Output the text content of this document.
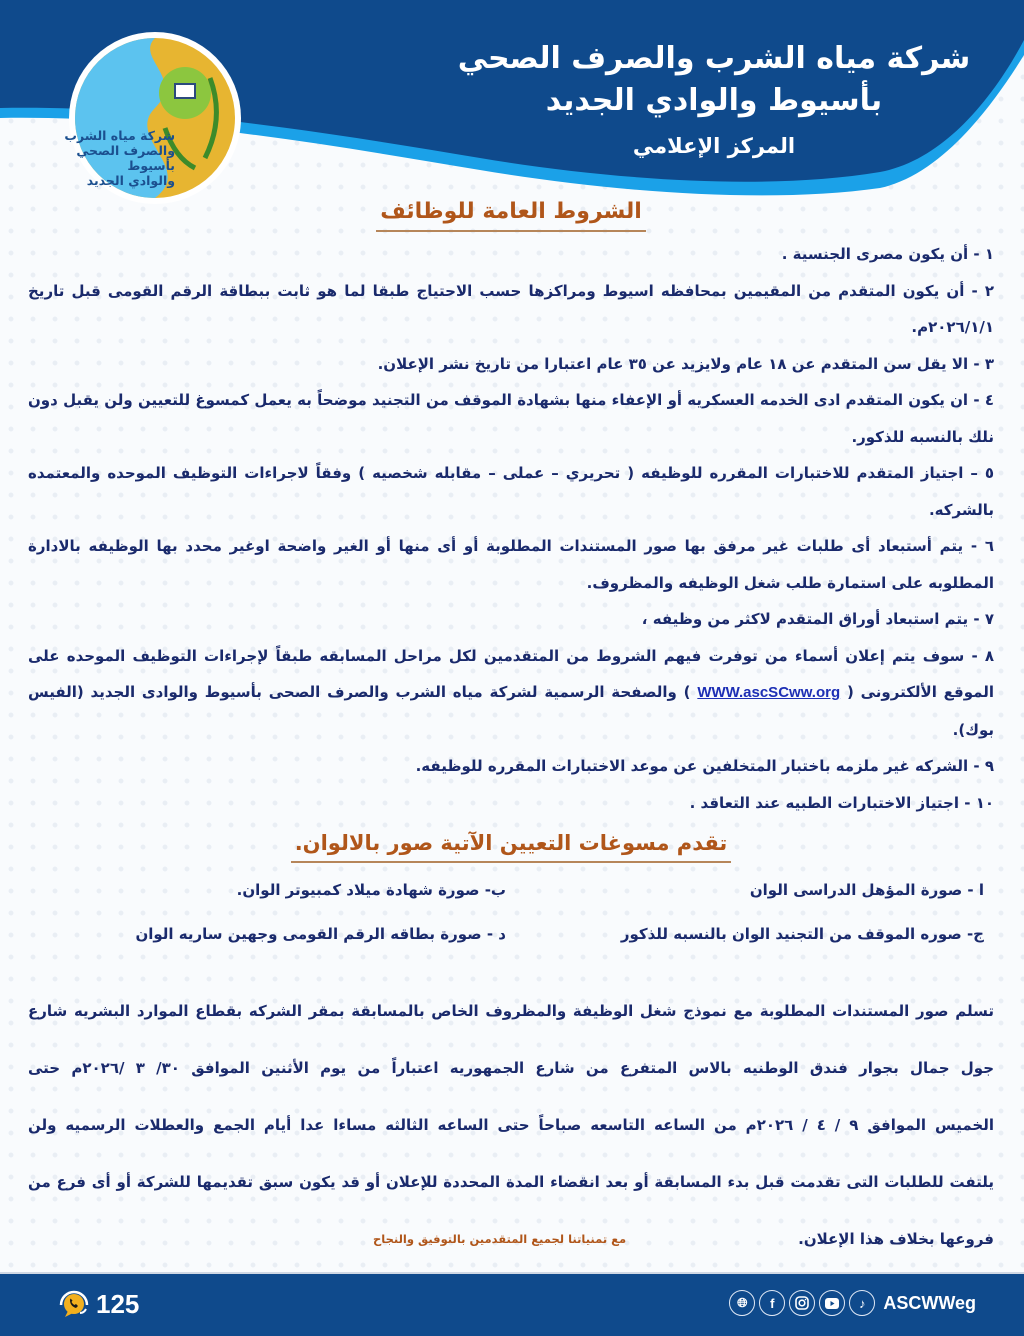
شركة مياه الشرب
والصرف الصحي بأسيوط
والوادي الجديد
شركة مياه الشرب والصرف الصحي
بأسيوط والوادي الجديد
المركز الإعلامي
الشروط العامة للوظائف

١ - أن يكون مصرى الجنسية .

٢ - أن يكون المتقدم من المقيمين بمحافظه اسيوط ومراكزها حسب الاحتياج طبقا لما هو ثابت ببطاقة الرقم القومى قبل تاريخ ٢٠٢٦/١/١م.

٣ - الا يقل سن المتقدم عن ١٨ عام ولايزيد عن ٣٥ عام اعتبارا من تاريخ نشر الإعلان.

٤ - ان يكون المتقدم ادى الخدمه العسكريه أو الإعفاء منها بشهادة الموقف من التجنيد موضحاً به يعمل كمسوغ للتعيين ولن يقبل دون نلك بالنسبه للذكور.

٥ – اجتياز المتقدم للاختبارات المقرره للوظيفه ( تحريري – عملى – مقابله شخصيه ) وفقاً لاجراءات التوظيف الموحده والمعتمده بالشركه.

٦ - يتم أستبعاد أى طلبات غير مرفق بها صور المستندات المطلوبة أو أى منها أو الغير واضحة اوغير محدد بها الوظيفه بالادارة المطلوبه على استمارة طلب شغل الوظيفه والمظروف.

٧ - يتم استبعاد أوراق المتقدم لاكثر من وظيفه ،

٨ - سوف يتم إعلان أسماء من توفرت فيهم الشروط من المتقدمين لكل مراحل المسابقه طبقاً لإجراءات التوظيف الموحده على الموقع الألكترونى ( WWW.ascSCww.org ) والصفحة الرسمية لشركة مياه الشرب والصرف الصحى بأسيوط والوادى الجديد (الفيس بوك).

٩ - الشركه غير ملزمه باختبار المتخلفين عن موعد الاختبارات المقرره للوظيفه.

١٠ - اجتياز الاختبارات الطبيه عند التعاقد .

تقدم مسوغات التعيين الآتية صور بالالوان.
ا - صورة المؤهل الدراسى الوان
ب- صورة شهادة ميلاد كمبيوتر الوان.
ج- صوره الموقف من التجنيد الوان بالنسبه للذكور
د - صورة بطاقه الرقم القومى وجهين ساريه الوان

تسلم صور المستندات المطلوبة مع نموذج شغل الوظيفة والمظروف الخاص بالمسابقة بمقر الشركه بقطاع الموارد البشريه شارع

جول جمال بجوار فندق الوطنيه بالاس المتفرع من شارع الجمهوريه اعتباراً من يوم الأثنين الموافق ٣٠/ ٣ /٢٠٢٦م حتى

الخميس الموافق ٩ / ٤ / ٢٠٢٦م من الساعه التاسعه صباحاً حتى الساعه الثالثه مساءا عدا أيام الجمع والعطلات الرسميه ولن

يلتفت للطلبات التى تقدمت قبل بدء المسابقة أو بعد انقضاء المدة المحددة للإعلان أو قد يكون سبق تقديمها للشركة أو أى فرع من

فروعها بخلاف هذا الإعلان.
مع تمنياتنا لجميع المتقدمين بالتوفيق والنجاح
125	🌐︎	f	♪ ASCWWeg
